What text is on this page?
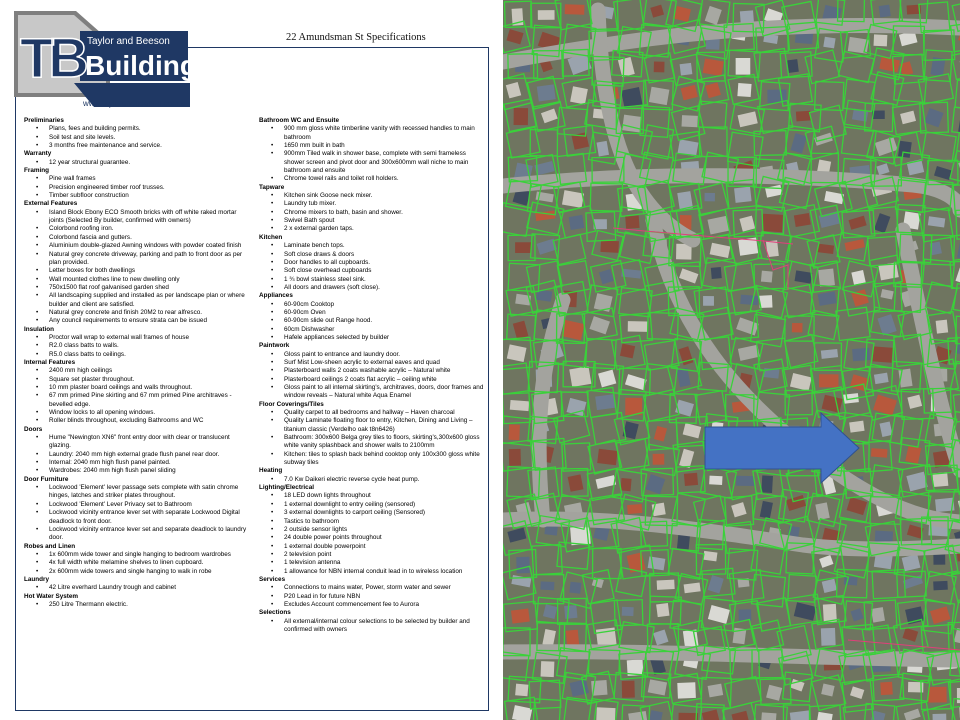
TB Taylor and Beeson
Building
www.taylorandbeeson.com.au
22 Amundsman St Specifications
Preliminaries
• Plans, fees and building permits.
• Soil test and site levels.
• 3 months free maintenance and service.
Warranty
• 12 year structural guarantee.
Framing
• Pine wall frames
• Precision engineered timber roof trusses.
• Timber subfloor construction
External Features
• Island Block Ebony ECO Smooth bricks with off white raked mortar joints (Selected By builder, confirmed with owners)
• Colorbond roofing iron.
• Colorbond fascia and gutters.
• Aluminium double-glazed Awning windows with powder coated finish
• Natural grey concrete driveway, parking and path to front door as per plan provided.
• Letter boxes for both dwellings
• Wall mounted clothes line to new dwelling only
• 750x1500 flat roof galvanised garden shed
• All landscaping supplied and installed as per landscape plan or where builder and client are satisfied.
• Natural grey concrete and finish 20M2 to rear alfresco.
• Any council requirements to ensure strata can be issued
Insulation
• Proctor wall wrap to external wall frames of house
• R2.0 class batts to walls.
• R5.0 class batts to ceilings.
Internal Features
• 2400 mm high ceilings
• Square set plaster throughout.
• 10 mm plaster board ceilings and walls throughout.
• 67 mm primed Pine skirting and 67 mm primed Pine architraves - bevelled edge.
• Window locks to all opening windows.
• Roller blinds throughout, excluding Bathrooms and WC
Doors
• Hume "Newington XN6" front entry door with clear or translucent glazing.
• Laundry: 2040 mm high external grade flush panel rear door.
• Internal: 2040 mm high flush panel painted.
• Wardrobes: 2040 mm high flush panel sliding
Door Furniture
• Lockwood 'Element' lever passage sets complete with satin chrome hinges, latches and striker plates throughout.
• Lockwood 'Element' Lever Privacy set to Bathroom
• Lockwood vicinity entrance lever set with separate Lockwood Digital deadlock to front door.
• Lockwood vicinity entrance lever set and separate deadlock to laundry door.
Robes and Linen
• 1x 600mm wide tower and single hanging to bedroom wardrobes
• 4x full width white melamine shelves to linen cupboard.
• 2x 600mm wide towers and single hanging to walk in robe
Laundry
• 42 Litre everhard Laundry trough and cabinet
Hot Water System
• 250 Litre Thermann electric.
Bathroom WC and Ensuite
• 900 mm gloss white timberline vanity with recessed handles to main bathroom
• 1650 mm built in bath
• 900mm Tiled walk in shower base, complete with semi frameless shower screen and pivot door and 300x600mm wall niche to main bathroom and ensuite
• Chrome towel rails and toilet roll holders.
Tapware
• Kitchen sink Goose neck mixer.
• Laundry tub mixer.
• Chrome mixers to bath, basin and shower.
• Swivel Bath spout
• 2 x external garden taps.
Kitchen
• Laminate bench tops.
• Soft close draws & doors
• Door handles to all cupboards.
• Soft close overhead cupboards
• 1 ¾ bowl stainless steel sink.
• All doors and drawers (soft close).
Appliances
• 60-90cm Cooktop
• 60-90cm Oven
• 60-90cm slide out Range hood.
• 60cm Dishwasher
• Hafele appliances selected by builder
Paintwork
• Gloss paint to entrance and laundry door.
• Surf Mist Low-sheen acrylic to external eaves and quad
• Plasterboard walls 2 coats washable acrylic – Natural white
• Plasterboard ceilings 2 coats flat acrylic – ceiling white
• Gloss paint to all internal skirting's, architraves, doors, door frames and window reveals – Natural white Aqua Enamel
Floor Coverings/Tiles
• Quality carpet to all bedrooms and hallway – Haven charcoal
• Quality Laminate floating floor to entry, Kitchen, Dining and Living – titanium classic (Verdelho oak t8n6426)
• Bathroom: 300x600 Belga grey tiles to floors, skirting's,300x600 gloss white vanity splashback and shower walls to 2100mm
• Kitchen: tiles to splash back behind cooktop only 100x300 gloss white subway tiles
Heating
• 7.0 Kw Daikeri electric reverse cycle heat pump.
Lighting/Electrical
• 18 LED down lights throughout
• 1 external downlight to entry ceiling (sensored)
• 3 external downlights to carport ceiling (Sensored)
• Tastics to bathroom
• 2 outside sensor lights
• 24 double power points throughout
• 1 external double powerpoint
• 2 television point
• 1 television antenna
• 1 allowance for NBN internal conduit lead in to wireless location
Services
• Connections to mains water, Power, storm water and sewer
• P20 Lead in for future NBN
• Excludes Account commencement fee to Aurora
Selections
• All external/internal colour selections to be selected by builder and confirmed with owners
